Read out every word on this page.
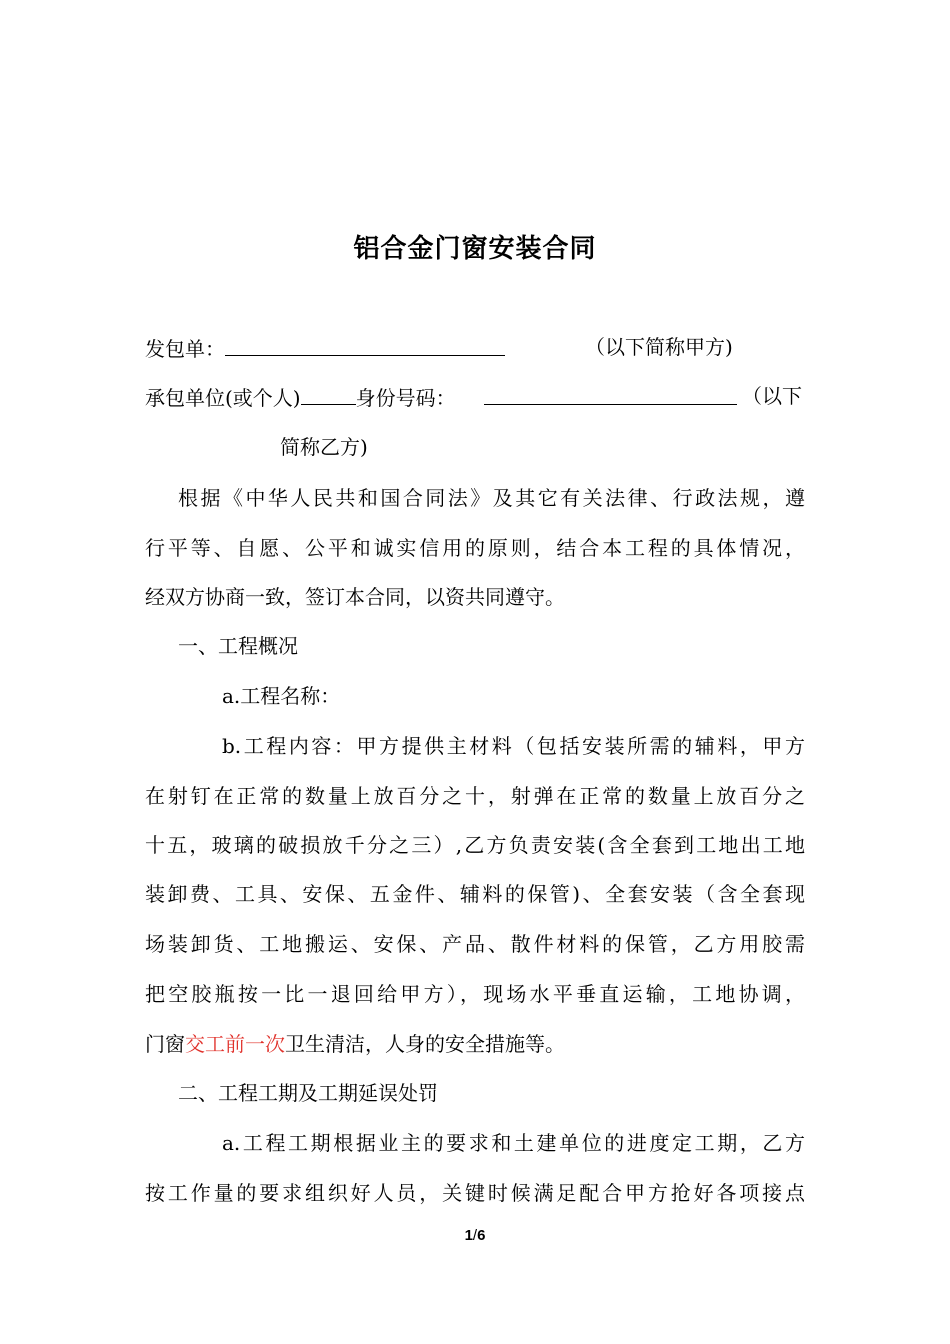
铝合金门窗安装合同
发包单：	（以下简称甲方)
承包单位(或个人)	身份号码：	（以下
简称乙方)
根据《中华人民共和国合同法》及其它有关法律、行政法规，遵
行平等、自愿、公平和诚实信用的原则，结合本工程的具体情况，
经双方协商一致，签订本合同，以资共同遵守。
一、工程概况
a.工程名称：
b.工程内容：甲方提供主材料（包括安装所需的辅料，甲方
在射钉在正常的数量上放百分之十，射弹在正常的数量上放百分之
十五，玻璃的破损放千分之三）,乙方负责安装(含全套到工地出工地
装卸费、工具、安保、五金件、辅料的保管)、全套安装（含全套现
场装卸货、工地搬运、安保、产品、散件材料的保管，乙方用胶需
把空胶瓶按一比一退回给甲方），现场水平垂直运输，工地协调，
门窗交工前一次卫生清洁，人身的安全措施等。
二、工程工期及工期延误处罚
a.工程工期根据业主的要求和土建单位的进度定工期，乙方
按工作量的要求组织好人员，关键时候满足配合甲方抢好各项接点
1/6
